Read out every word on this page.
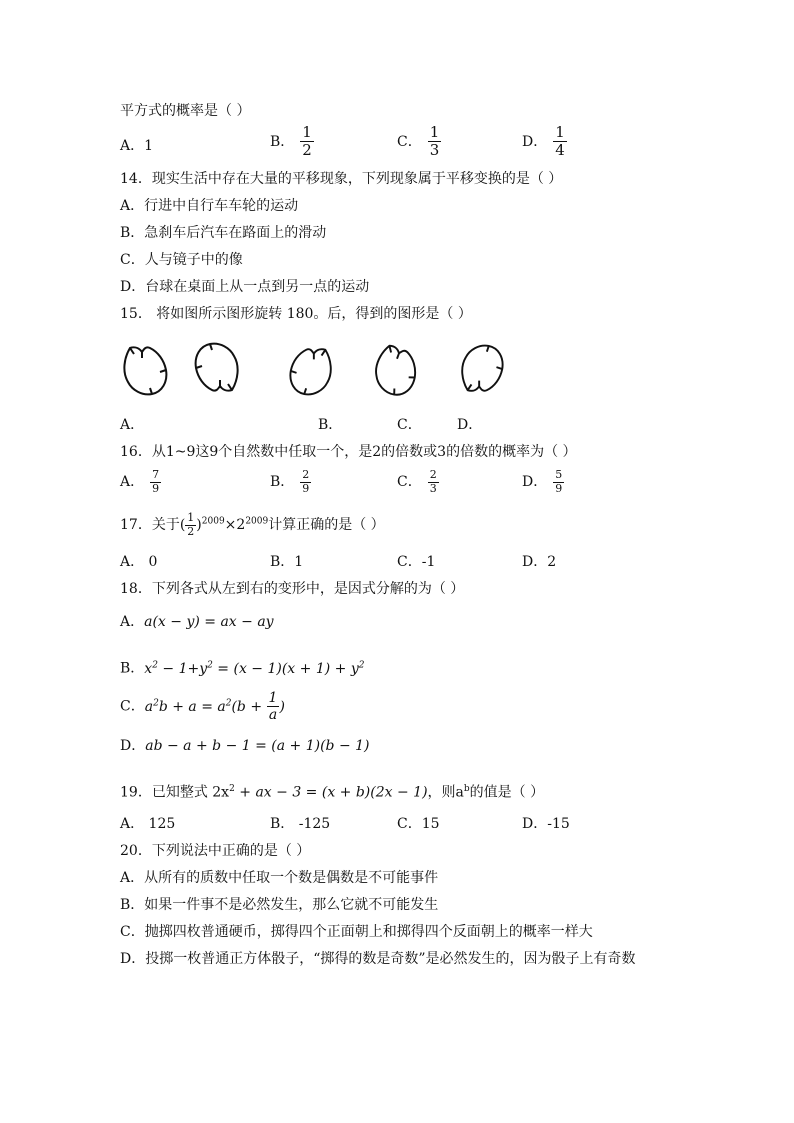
平方式的概率是（ ）
A．1	B． $\frac{1}{2}$	C． $\frac{1}{3}$	D． $\frac{1}{4}$
14．现实生活中存在大量的平移现象，下列现象属于平移变换的是（ ）
A．行进中自行车车轮的运动
B．急刹车后汽车在路面上的滑动
C．人与镜子中的像
D．台球在桌面上从一点到另一点的运动
15． 将如图所示图形旋转 180。后，得到的图形是（ ）
A．	B．	C．	D．
16．从1~9这9个自然数中任取一个，是2的倍数或3的倍数的概率为（ ）
A． $\frac{7}{9}$	B． $\frac{2}{9}$	C． $\frac{2}{3}$	D． $\frac{5}{9}$
17．关于( $\frac{1}{2} )^{2009}\times 2^{2009}$计算正确的是（ ）
A． 0	B．1	C．-1	D．2
18．下列各式从左到右的变形中，是因式分解的为（ ）
A．a(x − y) = ax − ay
B．$x^2 - 1+y^2 = (x - 1)(x + 1) + y^2$
C．$a^2b + a = a^2(b + \frac{1}{a}$ )
D．ab − a + b − 1 = (a + 1)(b − 1)
19．已知整式 $2x^2$ + ax − 3 = (x + b)(2x − 1)，则$a^b$的值是（ ）
A． 125	B． -125	C．15	D．-15
20．下列说法中正确的是（ ）
A．从所有的质数中任取一个数是偶数是不可能事件
B．如果一件事不是必然发生，那么它就不可能发生
C．抛掷四枚普通硬币，掷得四个正面朝上和掷得四个反面朝上的概率一样大
D．投掷一枚普通正方体骰子，“掷得的数是奇数”是必然发生的，因为骰子上有奇数
